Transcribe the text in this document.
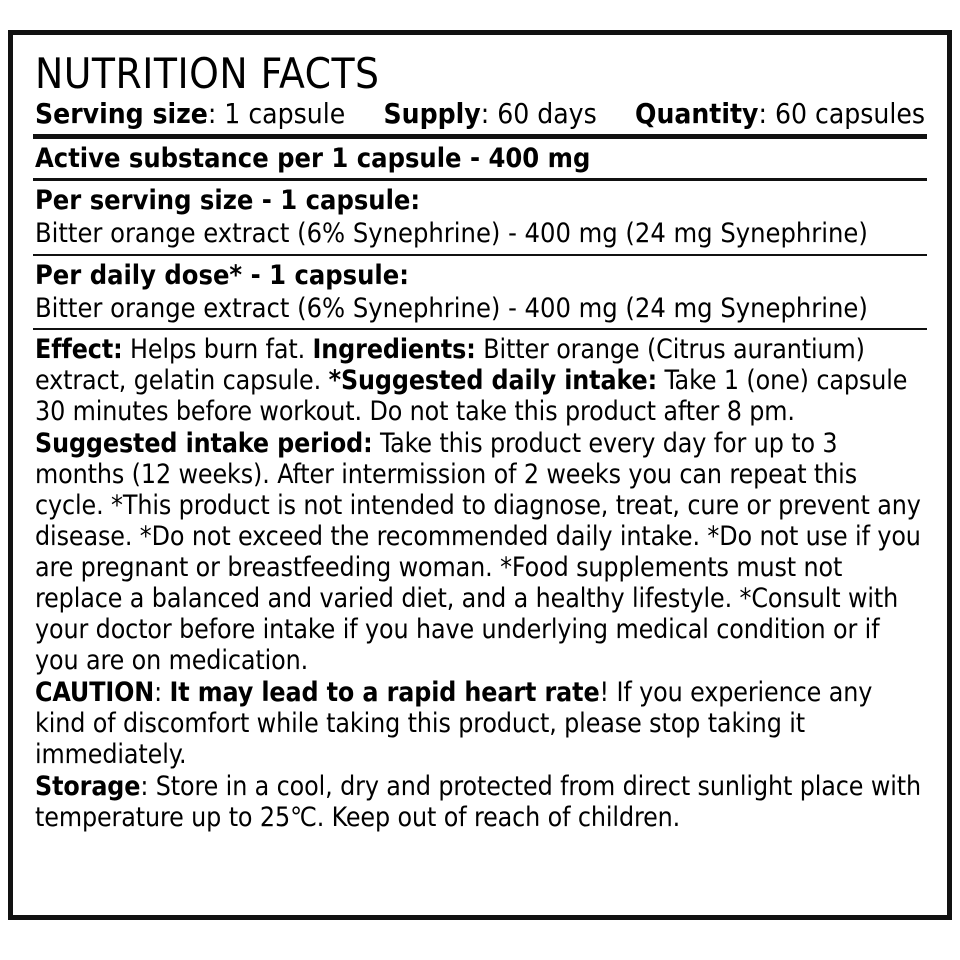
NUTRITION FACTS
Serving size: 1 capsule Supply: 60 days Quantity: 60 capsules
Active substance per 1 capsule - 400 mg
Per serving size - 1 capsule:
Bitter orange extract (6% Synephrine) - 400 mg (24 mg Synephrine)
Per daily dose* - 1 capsule:
Bitter orange extract (6% Synephrine) - 400 mg (24 mg Synephrine)
Effect: Helps burn fat. Ingredients: Bitter orange (Citrus aurantium) extract, gelatin capsule. *Suggested daily intake: Take 1 (one) capsule 30 minutes before workout. Do not take this product after 8 pm.
Suggested intake period: Take this product every day for up to 3 months (12 weeks). After intermission of 2 weeks you can repeat this cycle. *This product is not intended to diagnose, treat, cure or prevent any disease. *Do not exceed the recommended daily intake. *Do not use if you are pregnant or breastfeeding woman. *Food supplements must not replace a balanced and varied diet, and a healthy lifestyle. *Consult with your doctor before intake if you have underlying medical condition or if you are on medication.
CAUTION: It may lead to a rapid heart rate! If you experience any kind of discomfort while taking this product, please stop taking it immediately.
Storage: Store in a cool, dry and protected from direct sunlight place with temperature up to 25℃. Keep out of reach of children.
